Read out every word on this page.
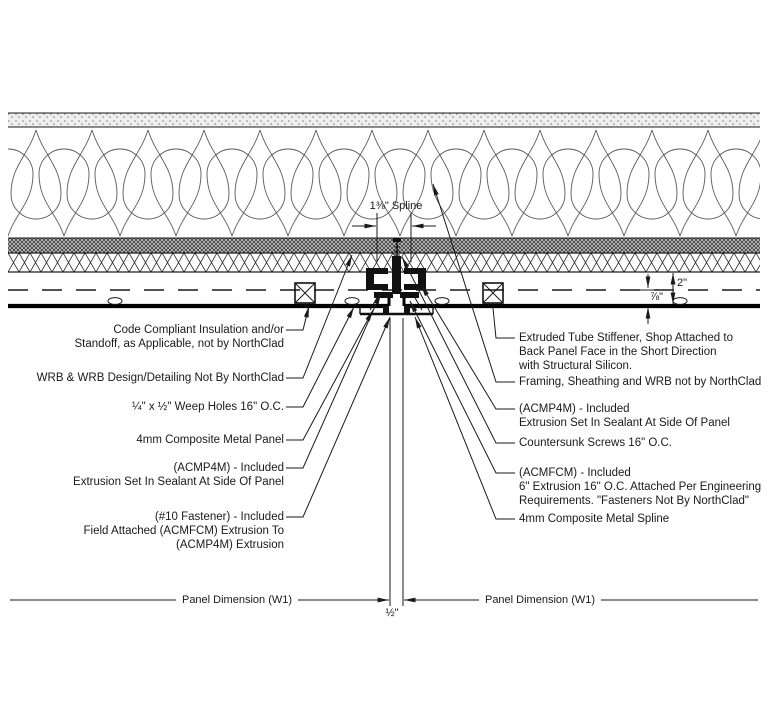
1⅜" Spline
⅞"
2"
Panel Dimension (W1)	Panel Dimension (W1)
½"
Code Compliant Insulation and/or
Standoff, as Applicable, not by NorthClad
WRB & WRB Design/Detailing Not By NorthClad
¼" x ½" Weep Holes 16" O.C.
4mm Composite Metal Panel
(ACMP4M) - Included
Extrusion Set In Sealant At Side Of Panel
(#10 Fastener) - Included
Field Attached (ACMFCM) Extrusion To
(ACMP4M) Extrusion
Extruded Tube Stiffener, Shop Attached to
Back Panel Face in the Short Direction
with Structural Silicon.
Framing, Sheathing and WRB not by NorthClad
(ACMP4M) - Included
Extrusion Set In Sealant At Side Of Panel
Countersunk Screws 16" O.C.
(ACMFCM) - Included
6" Extrusion 16" O.C. Attached Per Engineering
Requirements. "Fasteners Not By NorthClad"
4mm Composite Metal Spline
